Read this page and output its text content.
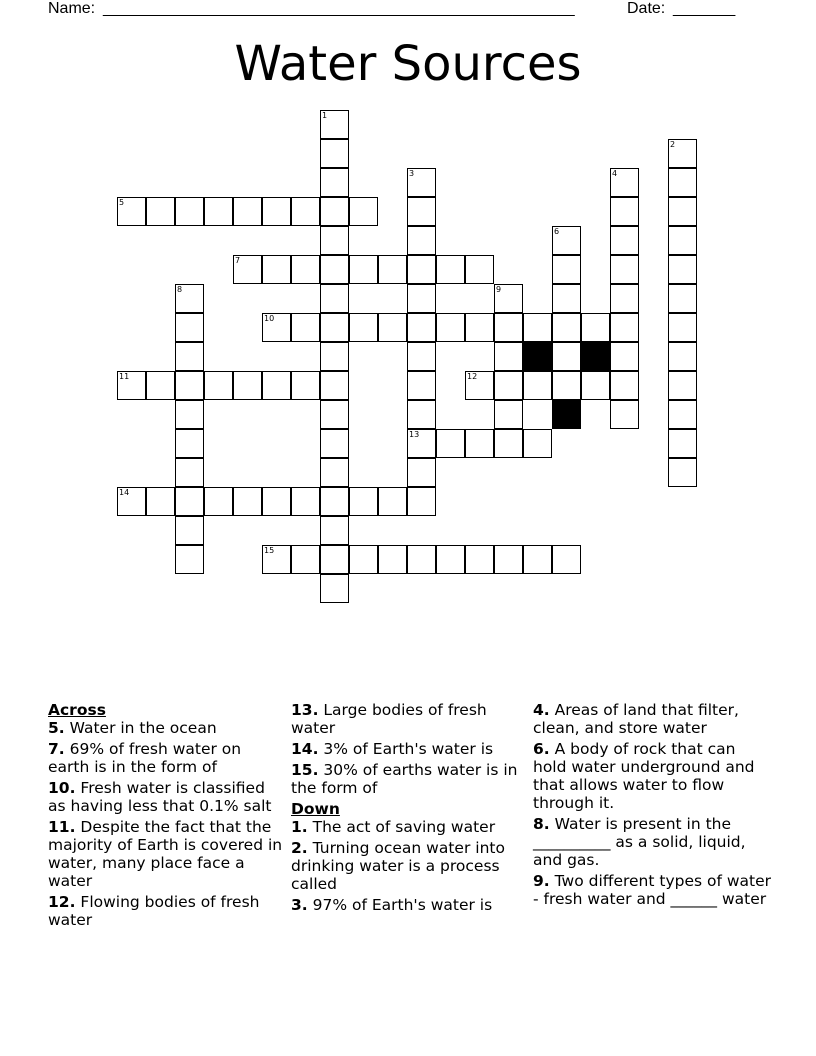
Name: _____________________________________________________	Date: _______
Water Sources
1
2
3
13
4
5
6
7
8	9
10
11	12
14
15
Across
5. Water in the ocean
7. 69% of fresh water on earth is in the form of
10. Fresh water is classified as having less that 0.1% salt
11. Despite the fact that the majority of Earth is covered in water, many place face a water
12. Flowing bodies of fresh water
13. Large bodies of fresh water
14. 3% of Earth's water is
15. 30% of earths water is in the form of
Down
1. The act of saving water
2. Turning ocean water into drinking water is a process called
3. 97% of Earth's water is
4. Areas of land that filter, clean, and store water
6. A body of rock that can hold water underground and that allows water to flow through it.
8. Water is present in the __________ as a solid, liquid, and gas.
9. Two different types of water - fresh water and ______ water
